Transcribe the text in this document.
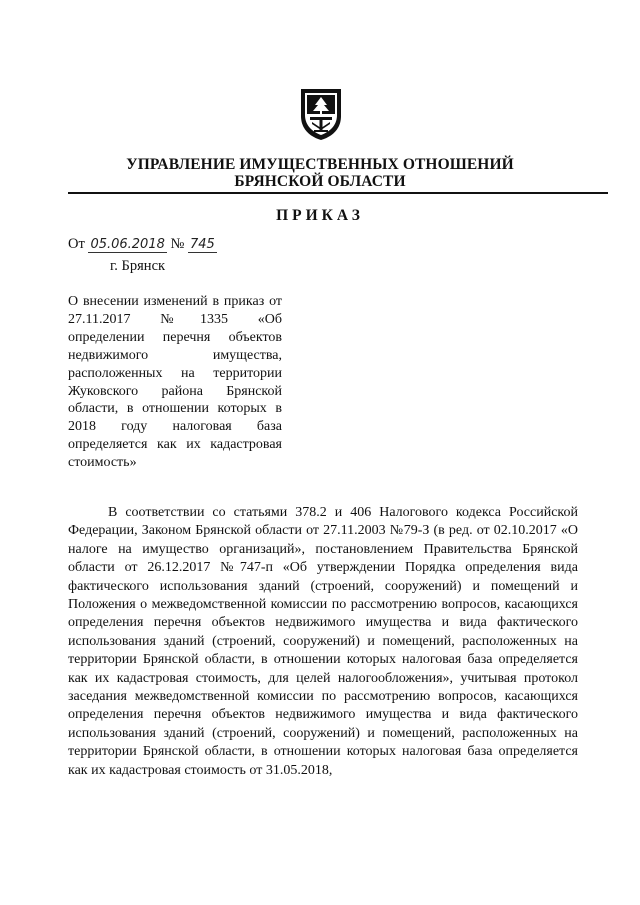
УПРАВЛЕНИЕ ИМУЩЕСТВЕННЫХ ОТНОШЕНИЙ
БРЯНСКОЙ ОБЛАСТИ
ПРИКАЗ
От 05.06.2018 № 745
г. Брянск
О внесении изменений в приказ от 27.11.2017 №1335 «Об определении перечня объектов недвижимого имущества, расположенных на территории Жуковского района Брянской области, в отношении которых в 2018 году налоговая база определяется как их кадастровая стоимость»
В соответствии со статьями 378.2 и 406 Налогового кодекса Российской Федерации, Законом Брянской области от 27.11.2003 №79-З (в ред. от 02.10.2017 «О налоге на имущество организаций», постановлением Правительства Брянской области от 26.12.2017 №747-п «Об утверждении Порядка определения вида фактического использования зданий (строений, сооружений) и помещений и Положения о межведомственной комиссии по рассмотрению вопросов, касающихся определения перечня объектов недвижимого имущества и вида фактического использования зданий (строений, сооружений) и помещений, расположенных на территории Брянской области, в отношении которых налоговая база определяется как их кадастровая стоимость, для целей налогообложения», учитывая протокол заседания межведомственной комиссии по рассмотрению вопросов, касающихся определения перечня объектов недвижимого имущества и вида фактического использования зданий (строений, сооружений) и помещений, расположенных на территории Брянской области, в отношении которых налоговая база определяется как их кадастровая стоимость от 31.05.2018,
